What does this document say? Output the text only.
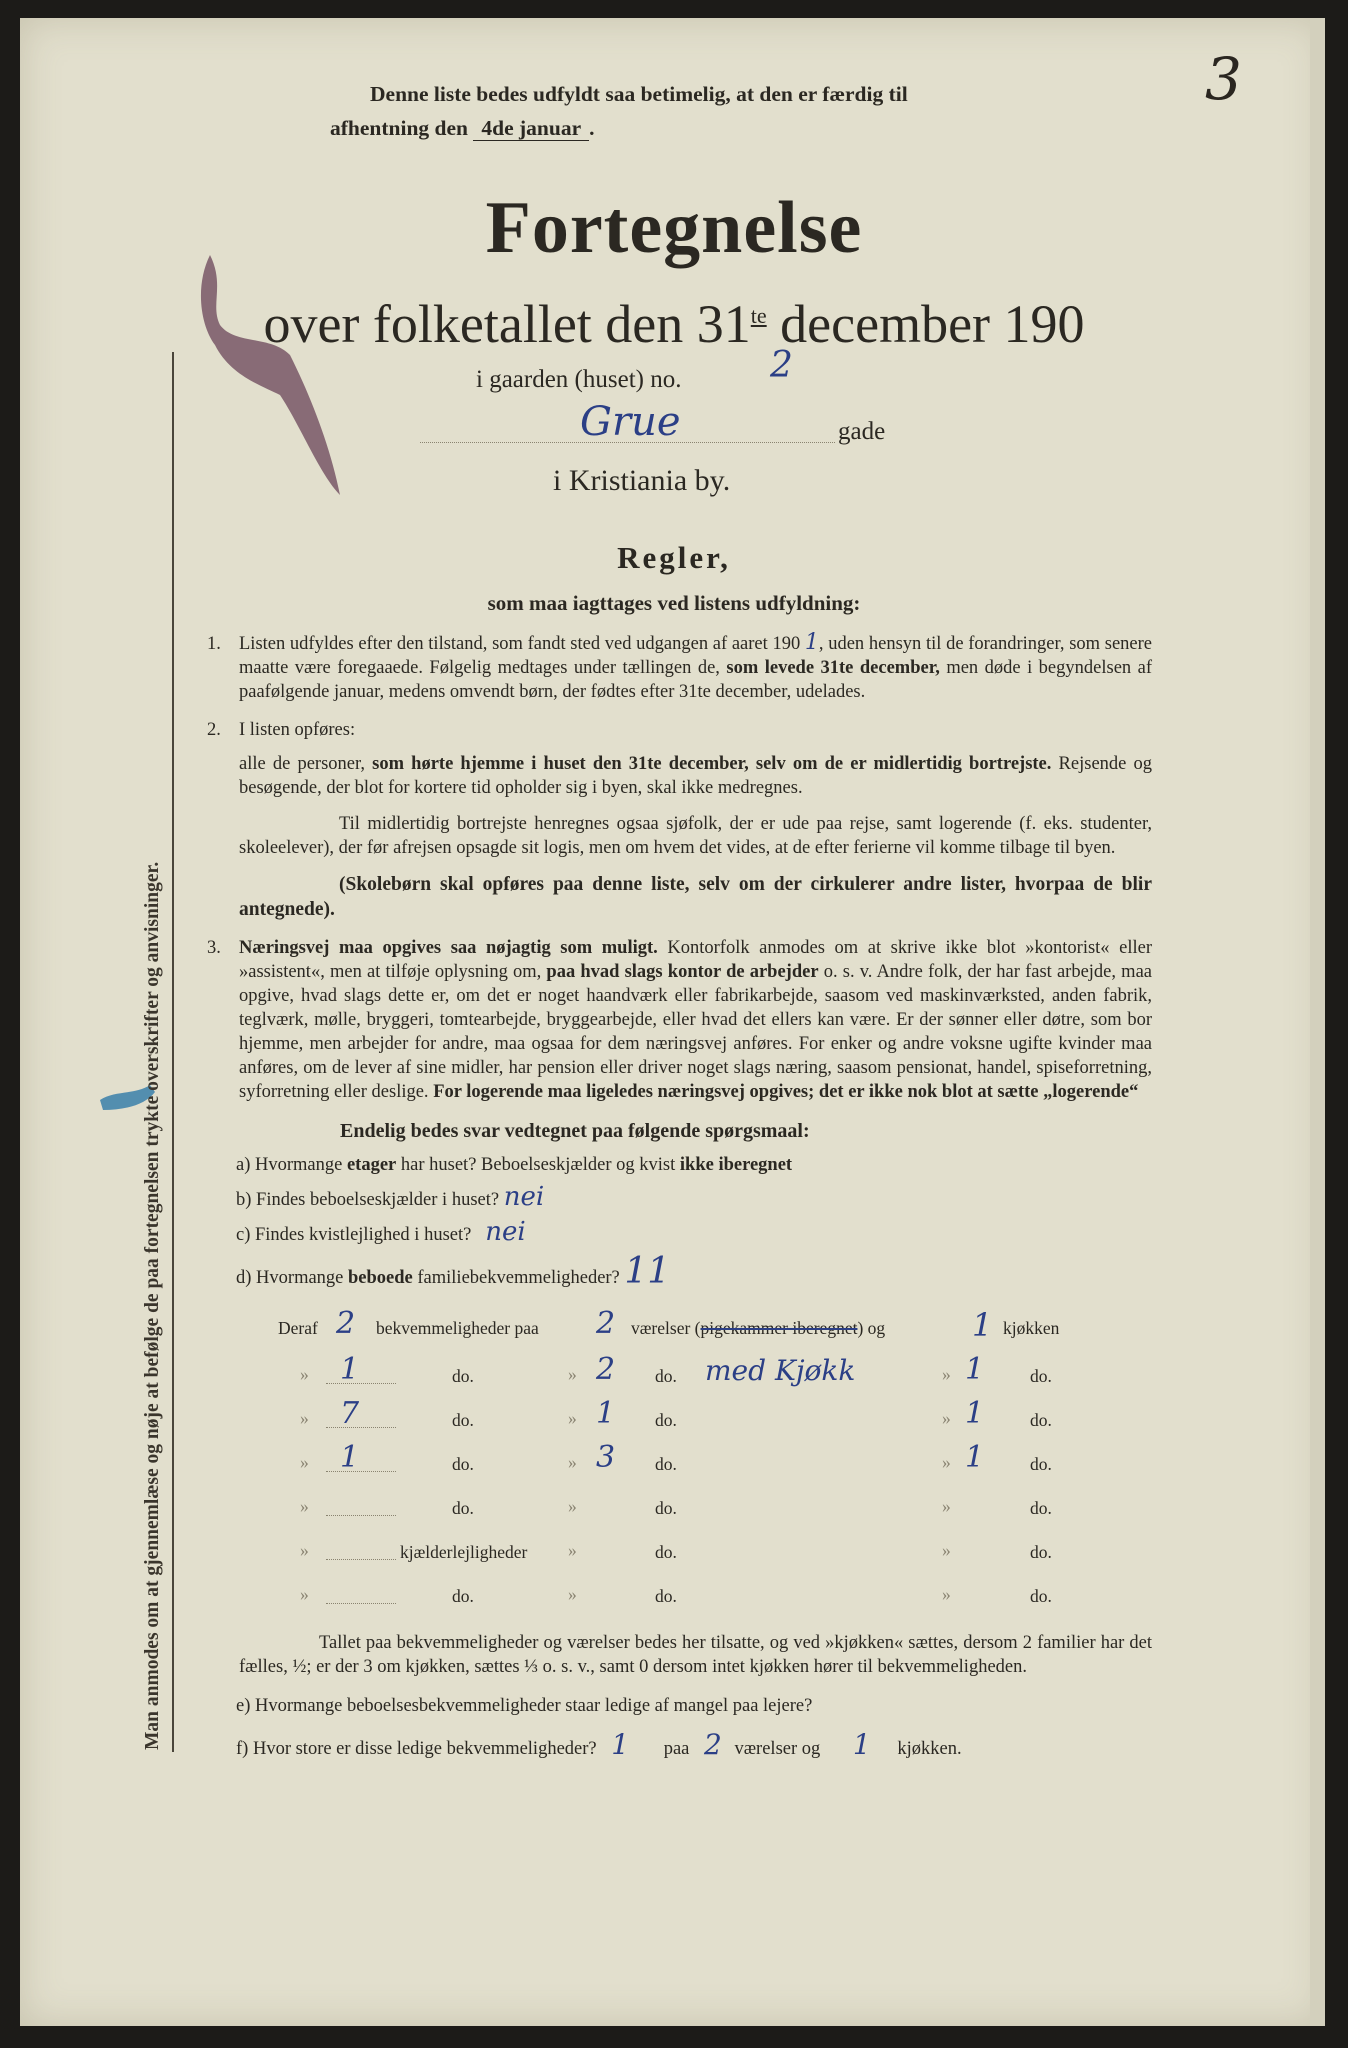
3
Denne liste bedes udfyldt saa betimelig, at den er færdig til
afhentning den 4de januar .
Fortegnelse
over folketallet den $31^{te}$ december 190
i gaarden (huset) no. 2
Grue	gade
i Kristiania by.
Regler,
som maa iagttages ved listens udfyldning:
1. Listen udfyldes efter den tilstand, som fandt sted ved udgangen af aaret 190 1, uden hensyn til de forandringer, som senere maatte være foregaaede. Følgelig medtages under tællingen de, som levede 31te december, men døde i begyndelsen af paafølgende januar, medens omvendt børn, der fødtes efter 31te december, udelades.
2. I listen opføres:
alle de personer, som hørte hjemme i huset den 31te december, selv om de er midlertidig bortrejste. Rejsende og besøgende, der blot for kortere tid opholder sig i byen, skal ikke medregnes.
Til midlertidig bortrejste henregnes ogsaa sjøfolk, der er ude paa rejse, samt logerende (f. eks. studenter, skoleelever), der før afrejsen opsagde sit logis, men om hvem det vides, at de efter ferierne vil komme tilbage til byen.
(Skolebørn skal opføres paa denne liste, selv om der cirkulerer andre lister, hvorpaa de blir antegnede).
3. Næringsvej maa opgives saa nøjagtig som muligt. Kontorfolk anmodes om at skrive ikke blot »kontorist« eller »assistent«, men at tilføje oplysning om, paa hvad slags kontor de arbejder o. s. v. Andre folk, der har fast arbejde, maa opgive, hvad slags dette er, om det er noget haandværk eller fabrikarbejde, saasom ved maskinværksted, anden fabrik, teglværk, mølle, bryggeri, tomtearbejde, bryggearbejde, eller hvad det ellers kan være. Er der sønner eller døtre, som bor hjemme, men arbejder for andre, maa ogsaa for dem næringsvej anføres. For enker og andre voksne ugifte kvinder maa anføres, om de lever af sine midler, har pension eller driver noget slags næring, saasom pensionat, handel, spiseforretning, syforretning eller deslige. For logerende maa ligeledes næringsvej opgives; det er ikke nok blot at sætte „logerende“
Endelig bedes svar vedtegnet paa følgende spørgsmaal:
a) Hvormange etager har huset? Beboelseskjælder og kvist ikke iberegnet
b) Findes beboelseskjælder i huset? nei
c) Findes kvistlejlighed i huset? nei
d) Hvormange beboede familiebekvemmeligheder? 11
Deraf 2 bekvemmeligheder paa 2 værelser (pigekammer iberegnet) og	1 kjøkken
» 1	do.	» 2 do. med Kjøkk	» 1	do.
» 7	do.	» 1 do.	» 1	do.
» 1	do.	» 3 do.	» 1	do.
»	do.	»	do.	»	do.
»	kjælderlejligheder »	do.	»	do.
»	do.	»	do.	»	do.
Tallet paa bekvemmeligheder og værelser bedes her tilsatte, og ved »kjøkken« sættes, dersom 2 familier har det fælles, ½; er der 3 om kjøkken, sættes ⅓ o. s. v., samt 0 dersom intet kjøkken hører til bekvemmeligheden.
e) Hvormange beboelsesbekvemmeligheder staar ledige af mangel paa lejere?
f) Hvor store er disse ledige bekvemmeligheder? 1 paa 2 værelser og 1 kjøkken.
Man anmodes om at gjennemlæse og nøje at befølge de paa fortegnelsen trykte overskrifter og anvisninger.
